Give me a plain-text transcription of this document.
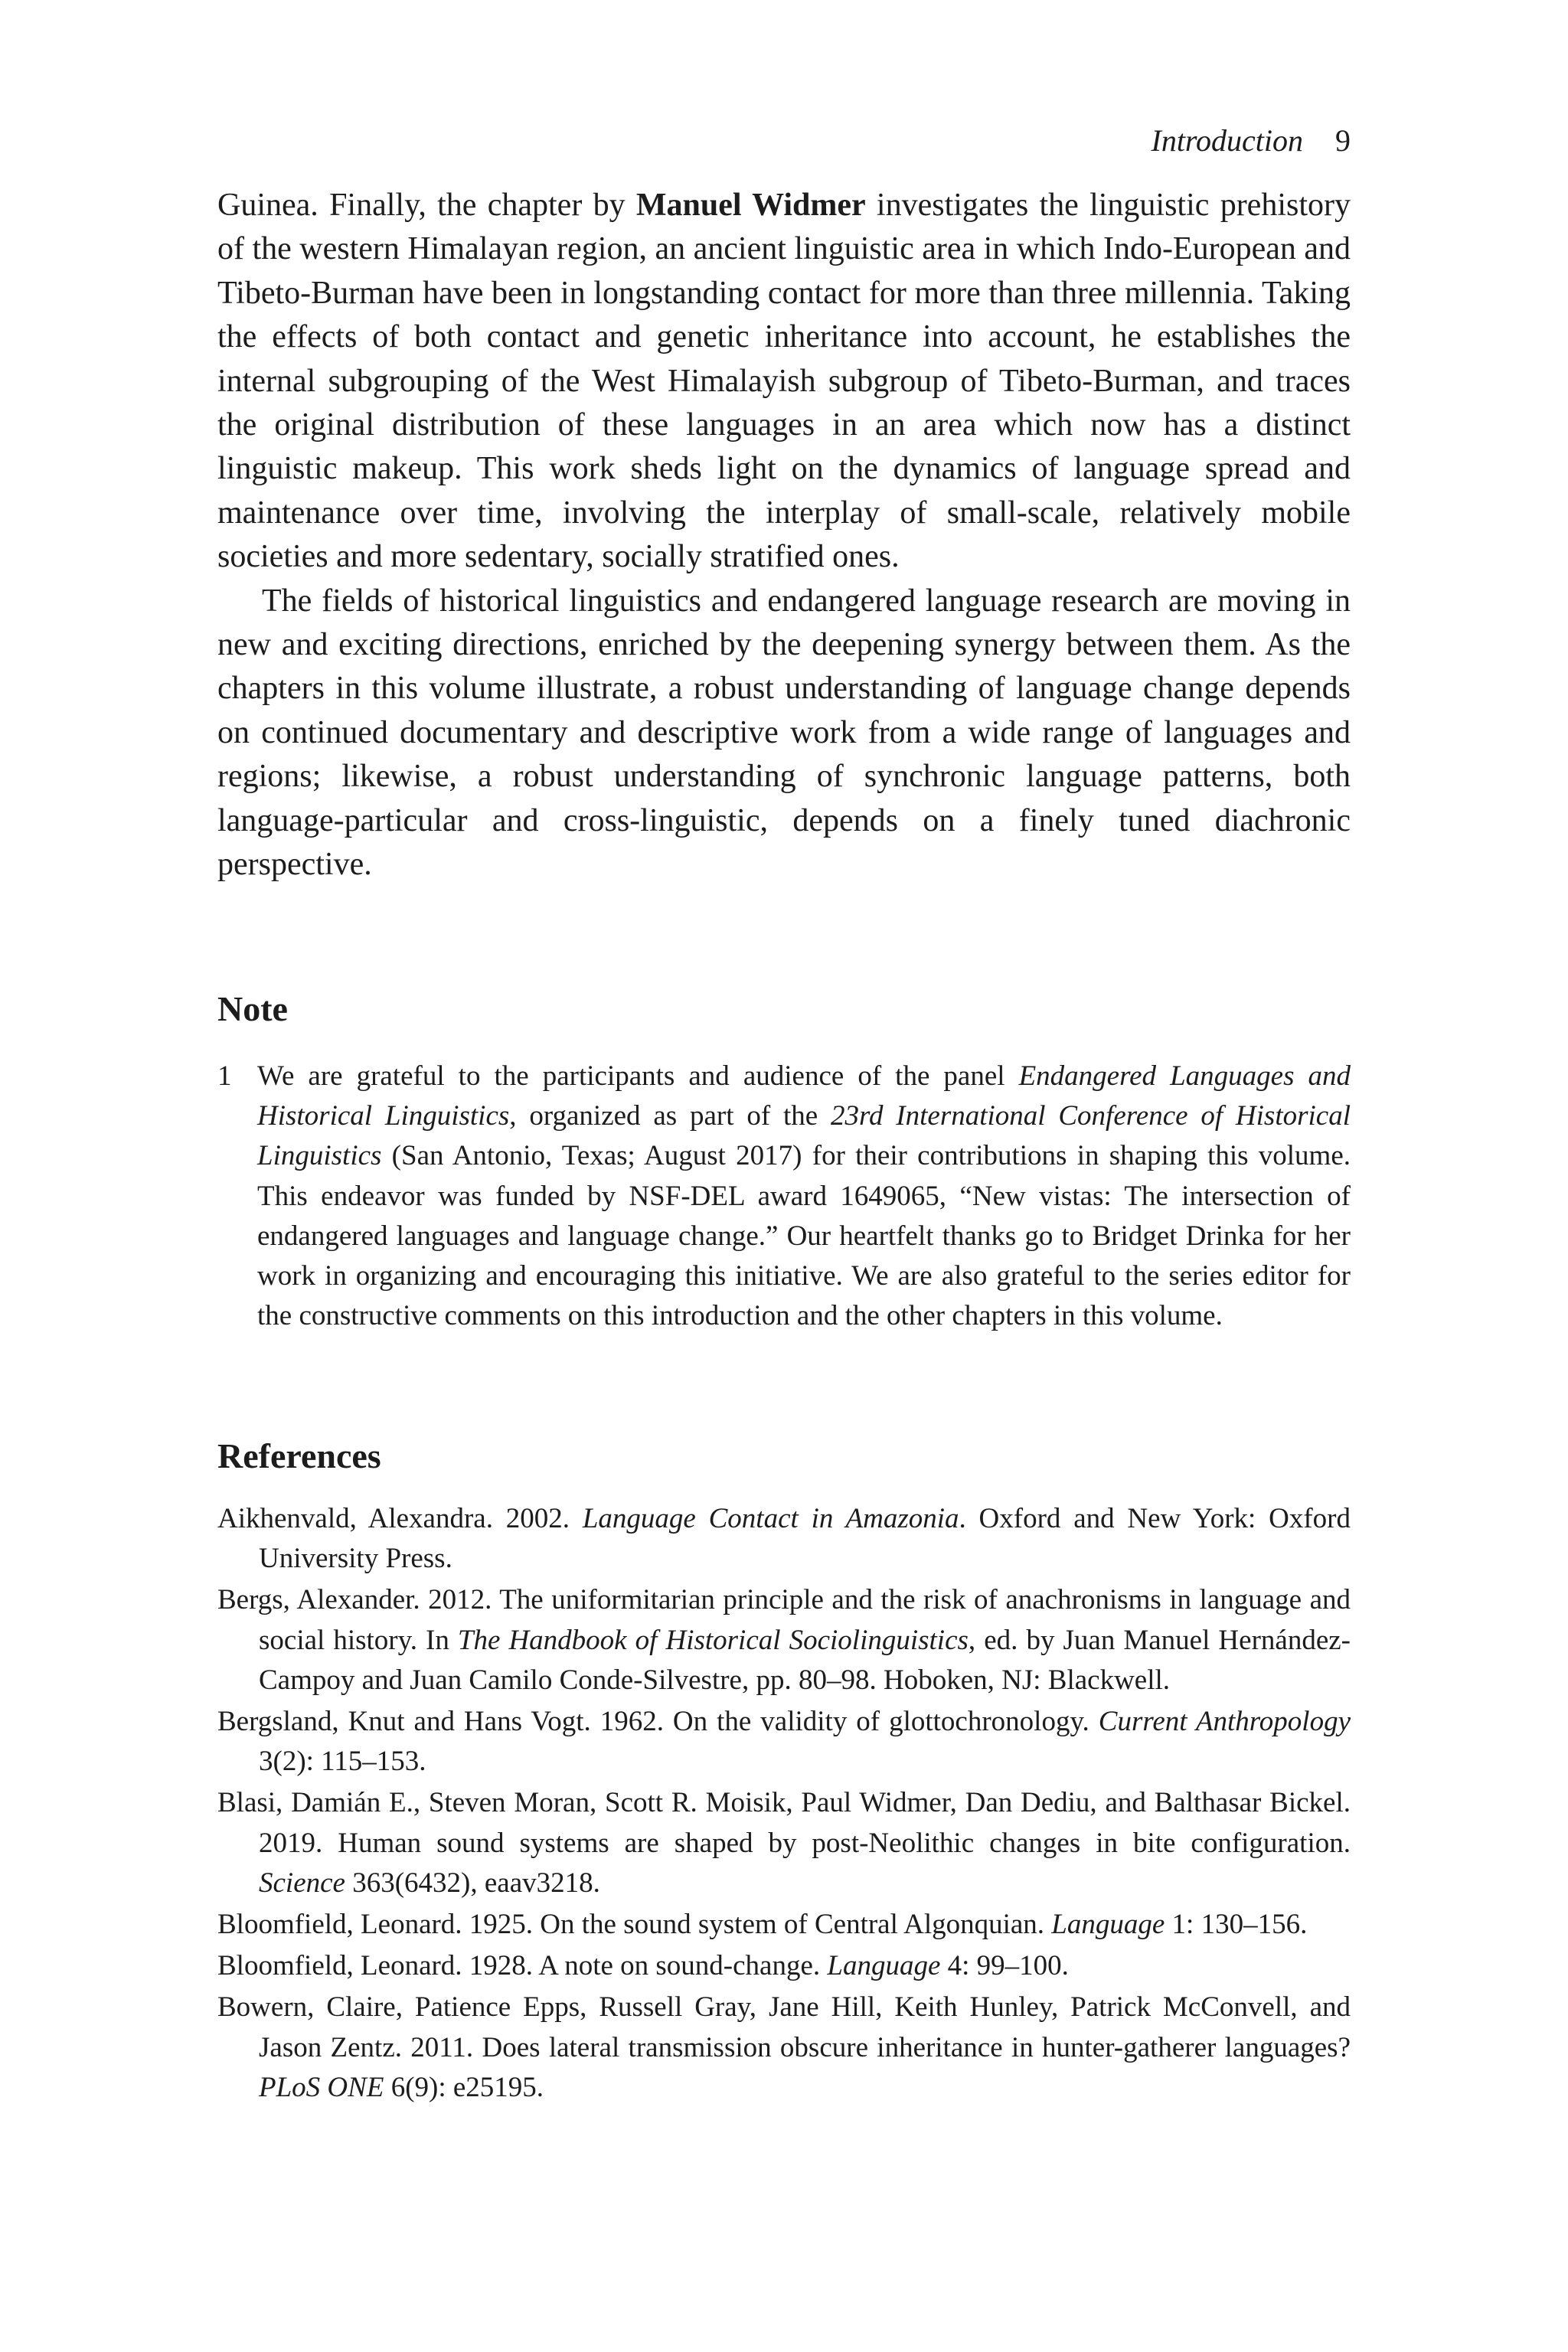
Introduction 9

Guinea. Finally, the chapter by Manuel Widmer investigates the linguistic prehistory of the western Himalayan region, an ancient linguistic area in which Indo-European and Tibeto-Burman have been in longstanding contact for more than three millennia. Taking the effects of both contact and genetic inheritance into account, he establishes the internal subgrouping of the West Himalayish subgroup of Tibeto-Burman, and traces the original distribution of these languages in an area which now has a distinct linguistic makeup. This work sheds light on the dynamics of language spread and maintenance over time, involving the interplay of small-scale, relatively mobile societies and more sedentary, socially stratified ones.

The fields of historical linguistics and endangered language research are moving in new and exciting directions, enriched by the deepening synergy between them. As the chapters in this volume illustrate, a robust understanding of language change depends on continued documentary and descriptive work from a wide range of languages and regions; likewise, a robust understanding of synchronic language patterns, both language-particular and cross-linguistic, depends on a finely tuned diachronic perspective.

Note
1 We are grateful to the participants and audience of the panel Endangered Languages and Historical Linguistics, organized as part of the 23rd International Conference of Historical Linguistics (San Antonio, Texas; August 2017) for their contributions in shaping this volume. This endeavor was funded by NSF-DEL award 1649065, “New vistas: The intersection of endangered languages and language change.” Our heartfelt thanks go to Bridget Drinka for her work in organizing and encouraging this initiative. We are also grateful to the series editor for the constructive comments on this introduction and the other chapters in this volume.
References

Aikhenvald, Alexandra. 2002. Language Contact in Amazonia. Oxford and New York: Oxford University Press.

Bergs, Alexander. 2012. The uniformitarian principle and the risk of anachronisms in language and social history. In The Handbook of Historical Sociolinguistics, ed. by Juan Manuel Hernández-Campoy and Juan Camilo Conde-Silvestre, pp. 80–98. Hoboken, NJ: Blackwell.

Bergsland, Knut and Hans Vogt. 1962. On the validity of glottochronology. Current Anthropology 3(2): 115–153.

Blasi, Damián E., Steven Moran, Scott R. Moisik, Paul Widmer, Dan Dediu, and Balthasar Bickel. 2019. Human sound systems are shaped by post-Neolithic changes in bite configuration. Science 363(6432), eaav3218.

Bloomfield, Leonard. 1925. On the sound system of Central Algonquian. Language 1: 130–156.

Bloomfield, Leonard. 1928. A note on sound-change. Language 4: 99–100.

Bowern, Claire, Patience Epps, Russell Gray, Jane Hill, Keith Hunley, Patrick McConvell, and Jason Zentz. 2011. Does lateral transmission obscure inheritance in hunter-gatherer languages? PLoS ONE 6(9): e25195.
